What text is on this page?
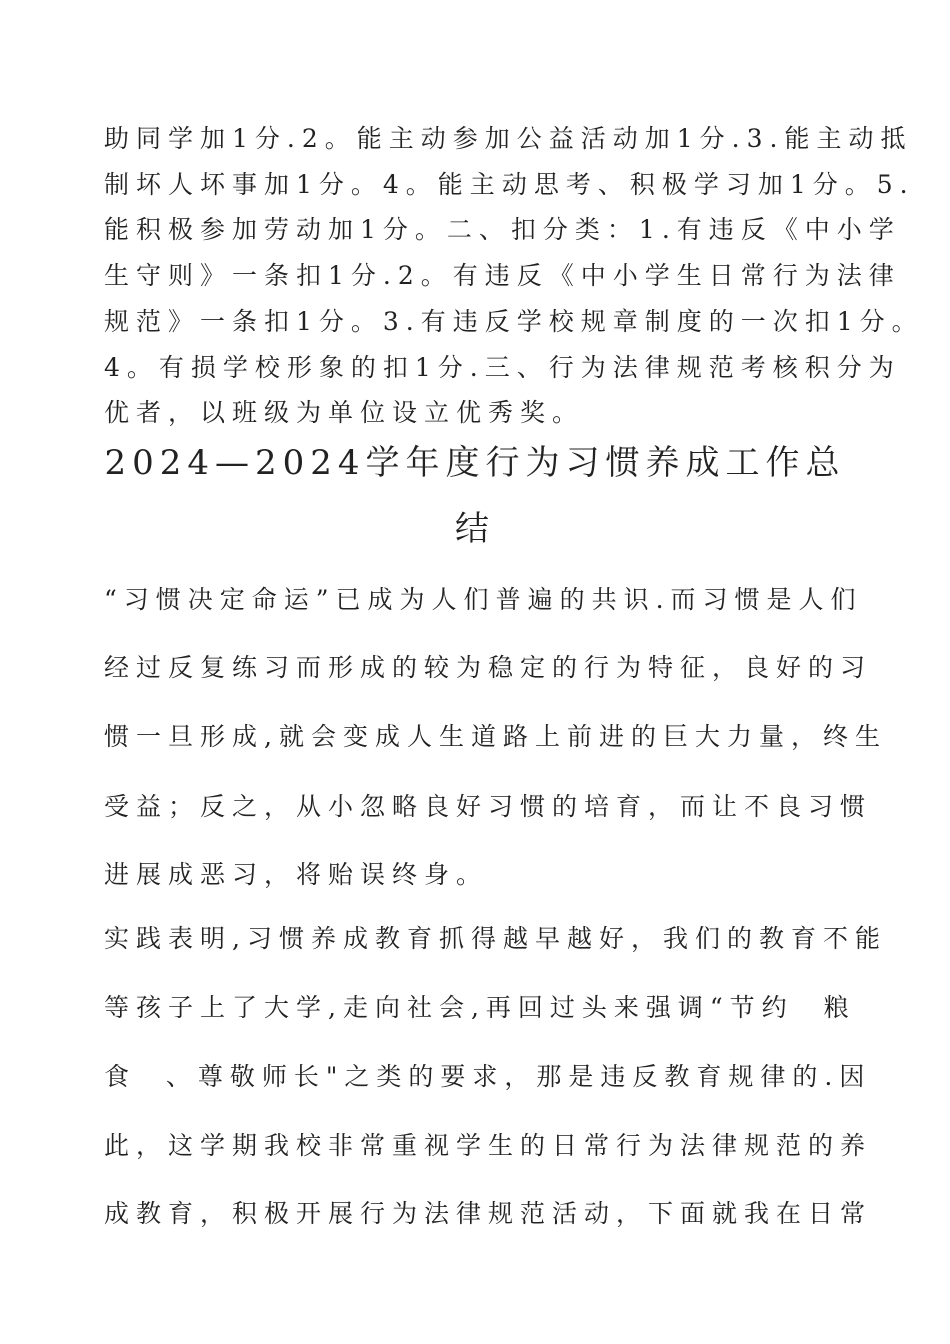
助同学加1分.2。能主动参加公益活动加1分.3.能主动抵
制坏人坏事加1分。4。能主动思考、积极学习加1分。5.
能积极参加劳动加1分。二、扣分类：1.有违反《中小学
生守则》一条扣1分.2。有违反《中小学生日常行为法律
规范》一条扣1分。3.有违反学校规章制度的一次扣1分。
4。有损学校形象的扣1分.三、行为法律规范考核积分为
优者，以班级为单位设立优秀奖。
2024—2024学年度行为习惯养成工作总
结
“习惯决定命运”已成为人们普遍的共识.而习惯是人们
经过反复练习而形成的较为稳定的行为特征，良好的习
惯一旦形成,就会变成人生道路上前进的巨大力量，终生
受益；反之，从小忽略良好习惯的培育，而让不良习惯
进展成恶习，将贻误终身。
实践表明,习惯养成教育抓得越早越好，我们的教育不能
等孩子上了大学,走向社会,再回过头来强调“节约  粮
食  、尊敬师长"之类的要求，那是违反教育规律的.因
此，这学期我校非常重视学生的日常行为法律规范的养
成教育，积极开展行为法律规范活动，下面就我在日常
